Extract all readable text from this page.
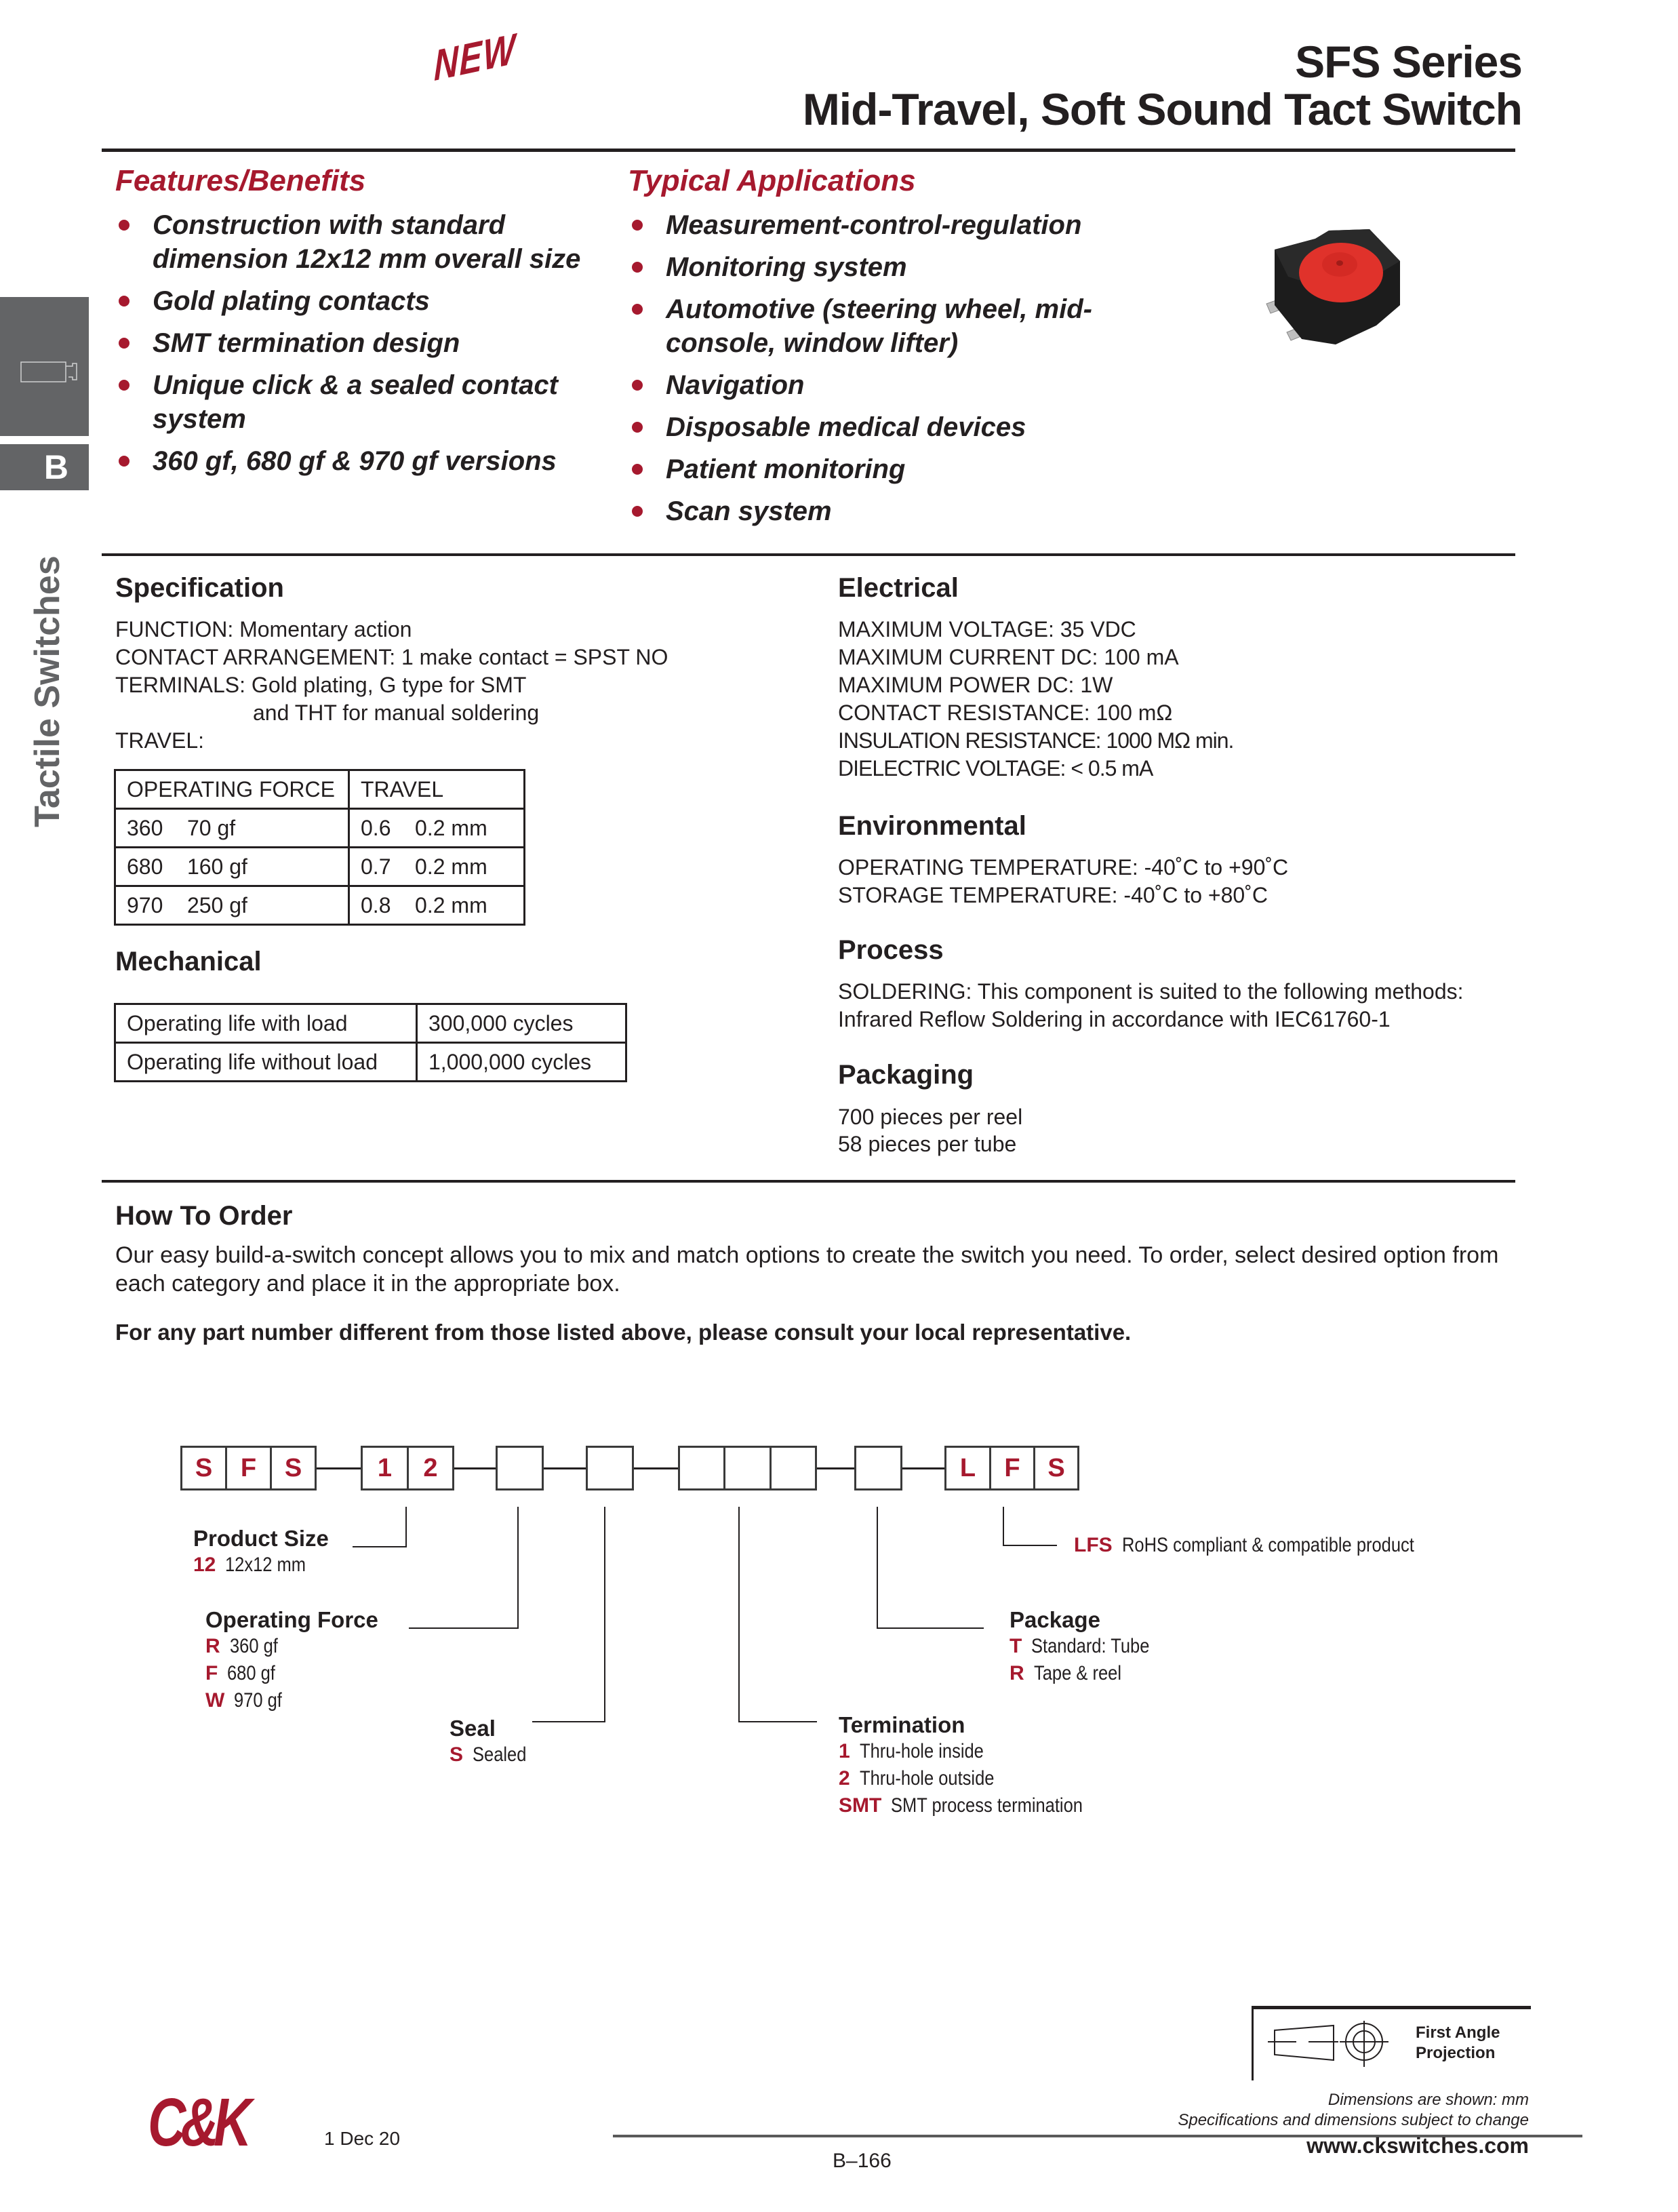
NEW	SFS Series
Mid-Travel, Soft Sound Tact Switch
B
Tactile Switches
Features/Benefits
Construction with standard dimension 12x12 mm overall size
Gold plating contacts
SMT termination design
Unique click & a sealed contact system
360 gf, 680 gf & 970 gf versions
Typical Applications
Measurement-control-regulation
Monitoring system
Automotive (steering wheel, mid-console, window lifter)
Navigation
Disposable medical devices
Patient monitoring
Scan system
Specification
FUNCTION: Momentary action
CONTACT ARRANGEMENT: 1 make contact = SPST NO
TERMINALS: Gold plating, G type for SMT
and THT for manual soldering
TRAVEL:
OPERATING FORCE	TRAVEL
360    70 gf	0.6    0.2 mm
680    160 gf	0.7    0.2 mm
970    250 gf	0.8    0.2 mm
Mechanical
Operating life with load	300,000 cycles
Operating life without load	1,000,000 cycles
Electrical
MAXIMUM VOLTAGE: 35 VDC
MAXIMUM CURRENT DC: 100 mA
MAXIMUM POWER DC: 1W
CONTACT RESISTANCE: 100 mΩ
INSULATION RESISTANCE: 1000 MΩ min.
DIELECTRIC VOLTAGE: < 0.5 mA
Environmental
OPERATING TEMPERATURE: -40˚C to +90˚C
STORAGE TEMPERATURE: -40˚C to +80˚C
Process
SOLDERING: This component is suited to the following methods:
Infrared Reflow Soldering in accordance with IEC61760-1
Packaging
700 pieces per reel
58 pieces per tube
How To Order
Our easy build-a-switch concept allows you to mix and match options to create the switch you need. To order, select desired option from each category and place it in the appropriate box.
For any part number different from those listed above, please consult your local representative.
S	F	S	1	2	L	F	S
Product Size
12 12x12 mm
Operating Force
R 360 gf
F 680 gf
W 970 gf
Seal
S Sealed
Termination
1 Thru-hole inside
2 Thru-hole outside
SMT SMT process termination
Package
T Standard: Tube
R Tape & reel
LFS RoHS compliant & compatible product
First Angle
Projection
Dimensions are shown: mm
Specifications and dimensions subject to change
C&K	1 Dec 20
B–166
www.ckswitches.com
